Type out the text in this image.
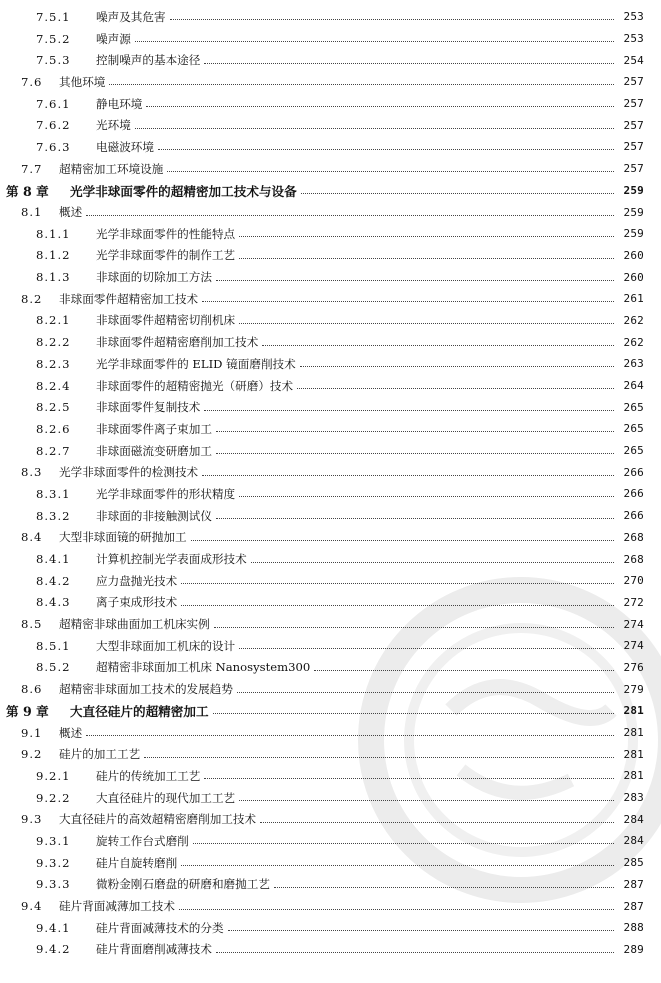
7.5.1	噪声及其危害	253
7.5.2	噪声源	253
7.5.3	控制噪声的基本途径	254
7.6	其他环境	257
7.6.1	静电环境	257
7.6.2	光环境	257
7.6.3	电磁波环境	257
7.7	超精密加工环境设施	257
第 8 章	光学非球面零件的超精密加工技术与设备	259
8.1	概述	259
8.1.1	光学非球面零件的性能特点	259
8.1.2	光学非球面零件的制作工艺	260
8.1.3	非球面的切除加工方法	260
8.2	非球面零件超精密加工技术	261
8.2.1	非球面零件超精密切削机床	262
8.2.2	非球面零件超精密磨削加工技术	262
8.2.3	光学非球面零件的 ELID 镜面磨削技术	263
8.2.4	非球面零件的超精密抛光（研磨）技术	264
8.2.5	非球面零件复制技术	265
8.2.6	非球面零件离子束加工	265
8.2.7	非球面磁流变研磨加工	265
8.3	光学非球面零件的检测技术	266
8.3.1	光学非球面零件的形状精度	266
8.3.2	非球面的非接触测试仪	266
8.4	大型非球面镜的研抛加工	268
8.4.1	计算机控制光学表面成形技术	268
8.4.2	应力盘抛光技术	270
8.4.3	离子束成形技术	272
8.5	超精密非球曲面加工机床实例	274
8.5.1	大型非球面加工机床的设计	274
8.5.2	超精密非球面加工机床 Nanosystem300	276
8.6	超精密非球面加工技术的发展趋势	279
第 9 章	大直径硅片的超精密加工	281
9.1	概述	281
9.2	硅片的加工工艺	281
9.2.1	硅片的传统加工工艺	281
9.2.2	大直径硅片的现代加工工艺	283
9.3	大直径硅片的高效超精密磨削加工技术	284
9.3.1	旋转工作台式磨削	284
9.3.2	硅片自旋转磨削	285
9.3.3	微粉金刚石磨盘的研磨和磨抛工艺	287
9.4	硅片背面减薄加工技术	287
9.4.1	硅片背面减薄技术的分类	288
9.4.2	硅片背面磨削减薄技术	289
